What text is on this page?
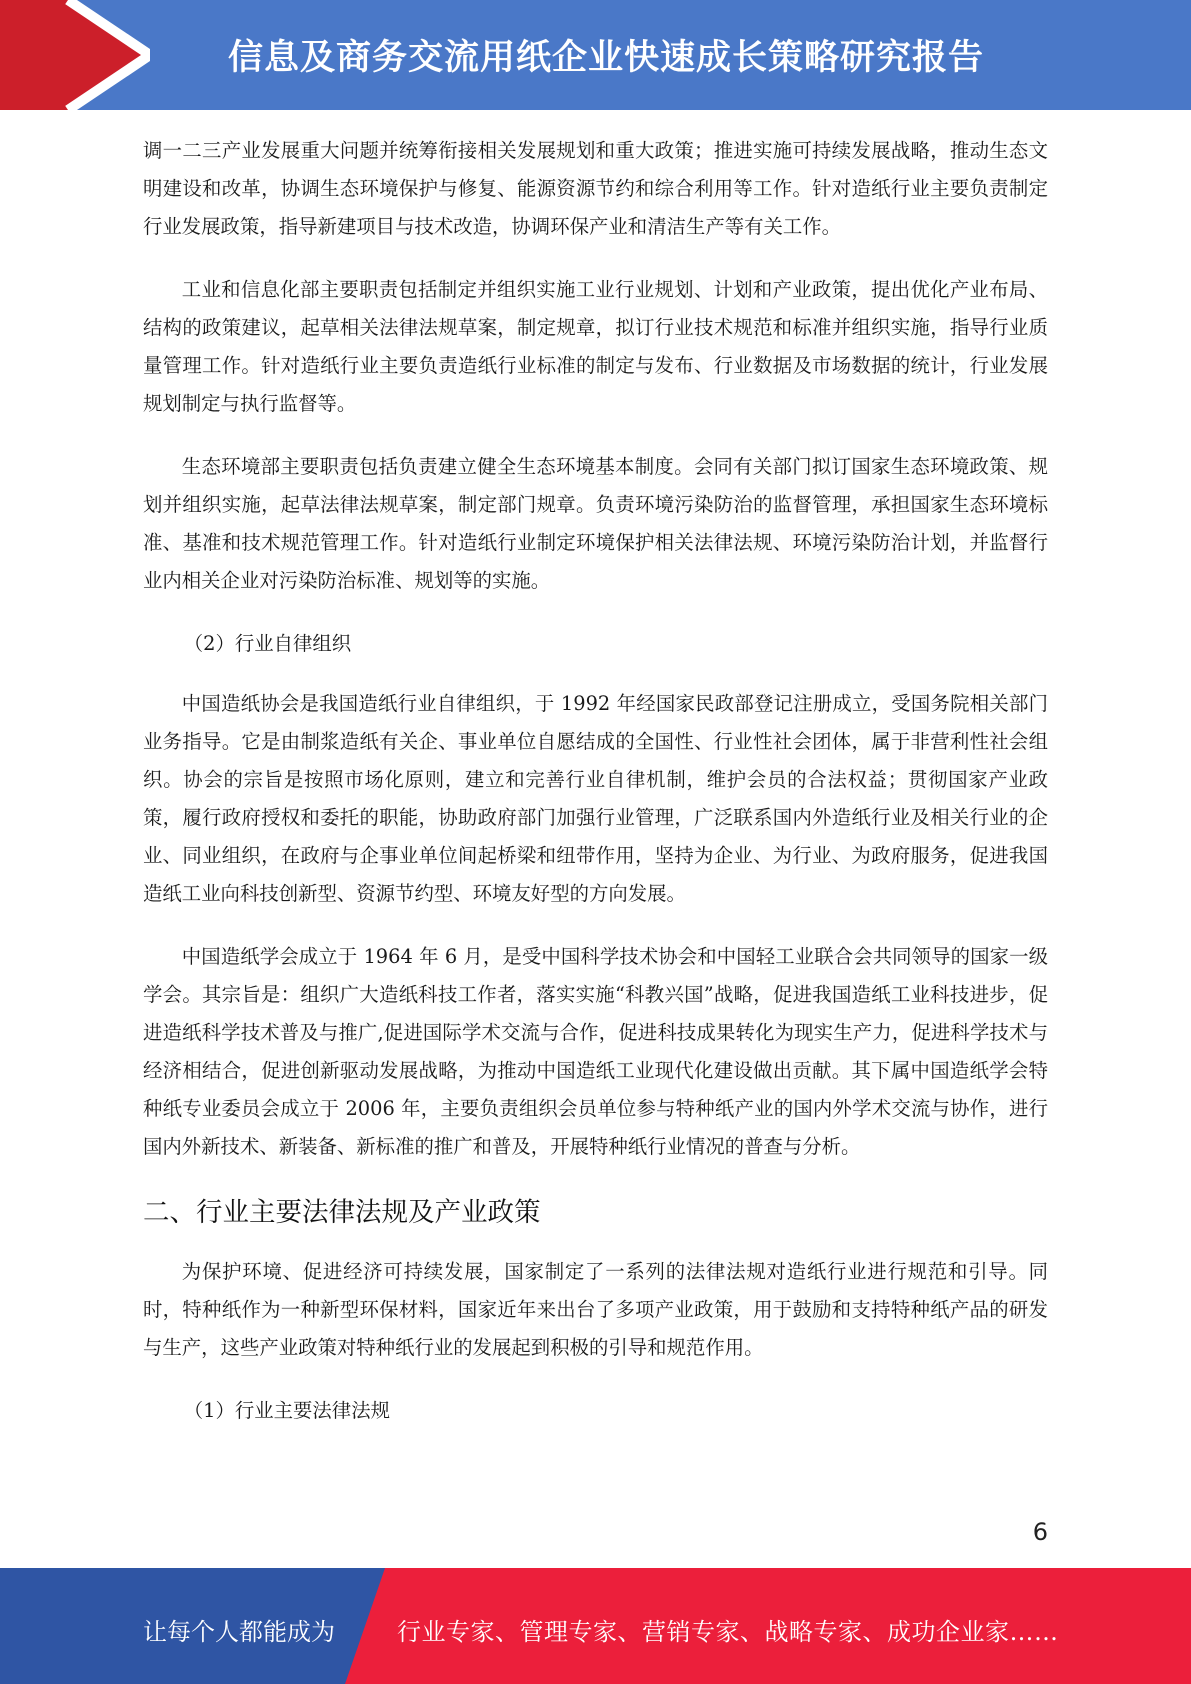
信息及商务交流用纸企业快速成长策略研究报告

调一二三产业发展重大问题并统筹衔接相关发展规划和重大政策；推进实施可持续发展战略，推动生态文明建设和改革，协调生态环境保护与修复、能源资源节约和综合利用等工作。针对造纸行业主要负责制定行业发展政策，指导新建项目与技术改造，协调环保产业和清洁生产等有关工作。

工业和信息化部主要职责包括制定并组织实施工业行业规划、计划和产业政策，提出优化产业布局、结构的政策建议，起草相关法律法规草案，制定规章，拟订行业技术规范和标准并组织实施，指导行业质量管理工作。针对造纸行业主要负责造纸行业标准的制定与发布、行业数据及市场数据的统计，行业发展规划制定与执行监督等。

生态环境部主要职责包括负责建立健全生态环境基本制度。会同有关部门拟订国家生态环境政策、规划并组织实施，起草法律法规草案，制定部门规章。负责环境污染防治的监督管理，承担国家生态环境标准、基准和技术规范管理工作。针对造纸行业制定环境保护相关法律法规、环境污染防治计划，并监督行业内相关企业对污染防治标准、规划等的实施。

（2）行业自律组织

中国造纸协会是我国造纸行业自律组织，于 1992 年经国家民政部登记注册成立，受国务院相关部门业务指导。它是由制浆造纸有关企、事业单位自愿结成的全国性、行业性社会团体，属于非营利性社会组织。协会的宗旨是按照市场化原则，建立和完善行业自律机制，维护会员的合法权益；贯彻国家产业政策，履行政府授权和委托的职能，协助政府部门加强行业管理，广泛联系国内外造纸行业及相关行业的企业、同业组织，在政府与企事业单位间起桥梁和纽带作用，坚持为企业、为行业、为政府服务，促进我国造纸工业向科技创新型、资源节约型、环境友好型的方向发展。

中国造纸学会成立于 1964 年 6 月，是受中国科学技术协会和中国轻工业联合会共同领导的国家一级学会。其宗旨是：组织广大造纸科技工作者，落实实施“科教兴国”战略，促进我国造纸工业科技进步，促进造纸科学技术普及与推广,促进国际学术交流与合作，促进科技成果转化为现实生产力，促进科学技术与经济相结合，促进创新驱动发展战略，为推动中国造纸工业现代化建设做出贡献。其下属中国造纸学会特种纸专业委员会成立于 2006 年，主要负责组织会员单位参与特种纸产业的国内外学术交流与协作，进行国内外新技术、新装备、新标准的推广和普及，开展特种纸行业情况的普查与分析。

二、行业主要法律法规及产业政策

为保护环境、促进经济可持续发展，国家制定了一系列的法律法规对造纸行业进行规范和引导。同时，特种纸作为一种新型环保材料，国家近年来出台了多项产业政策，用于鼓励和支持特种纸产品的研发与生产，这些产业政策对特种纸行业的发展起到积极的引导和规范作用。

（1）行业主要法律法规

6
让每个人都能成为	行业专家、管理专家、营销专家、战略专家、成功企业家……
